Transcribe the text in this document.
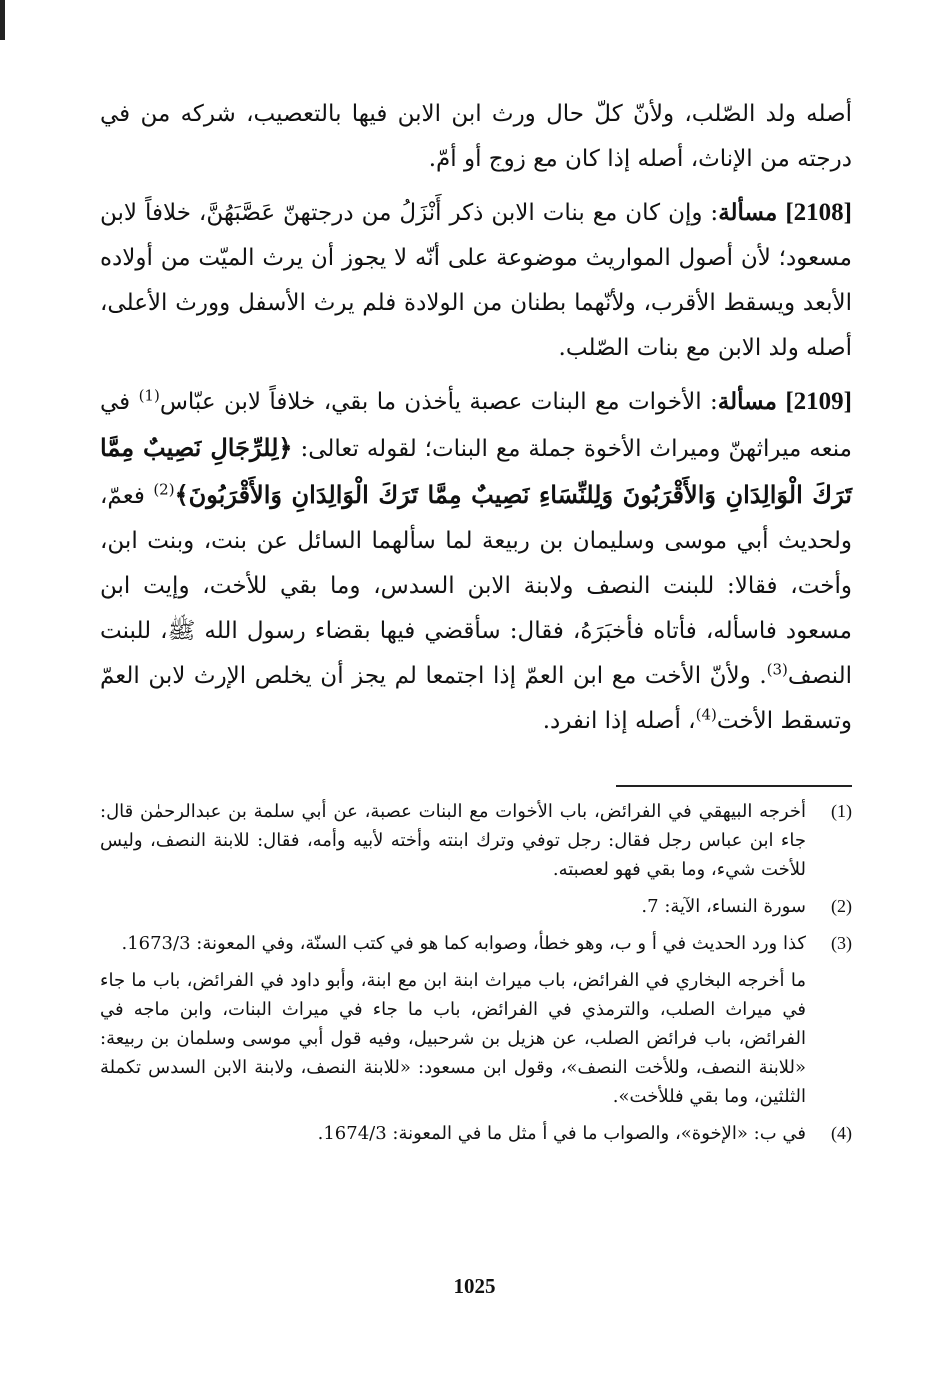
أصله ولد الصّلب، ولأنّ كلّ حال ورث ابن الابن فيها بالتعصيب، شركه من في درجته من الإناث، أصله إذا كان مع زوج أو أمّ.

[2108] مسألة: وإن كان مع بنات الابن ذكر أَنْزَلُ من درجتهنّ عَصَّبَهُنَّ، خلافاً لابن مسعود؛ لأن أصول المواريث موضوعة على أنّه لا يجوز أن يرث الميّت من أولاده الأبعد ويسقط الأقرب، ولأنّهما بطنان من الولادة فلم يرث الأسفل وورث الأعلى، أصله ولد الابن مع بنات الصّلب.

[2109] مسألة: الأخوات مع البنات عصبة يأخذن ما بقي، خلافاً لابن عبّاس$^{(1)}$ في منعه ميراثهنّ وميراث الأخوة جملة مع البنات؛ لقوله تعالى: ﴿لِلرِّجَالِ نَصِيبٌ مِمَّا تَرَكَ الْوَالِدَانِ وَالأَقْرَبُونَ وَلِلنِّسَاءِ نَصِيبٌ مِمَّا تَرَكَ الْوَالِدَانِ وَالأَقْرَبُونَ﴾$^{(2)}$ فعمّ، ولحديث أبي موسى وسليمان بن ربيعة لما سألهما السائل عن بنت، وبنت ابن، وأخت، فقالا: للبنت النصف ولابنة الابن السدس، وما بقي للأخت، وإيت ابن مسعود فاسأله، فأتاه فأخبَرَهُ، فقال: سأقضي فيها بقضاء رسول الله ﷺ، للبنت النصف$^{(3)}$. ولأنّ الأخت مع ابن العمّ إذا اجتمعا لم يجز أن يخلص الإرث لابن العمّ وتسقط الأخت$^{(4)}$، أصله إذا انفرد.

(1)
أخرجه البيهقي في الفرائض، باب الأخوات مع البنات عصبة، عن أبي سلمة بن عبدالرحمٰن قال: جاء ابن عباس رجل فقال: رجل توفي وترك ابنته وأخته لأبيه وأمه، فقال: للابنة النصف، وليس للأخت شيء، وما بقي فهو لعصبته.
(2)
سورة النساء، الآية: 7.
(3)
كذا ورد الحديث في أ و ب، وهو خطأ، وصوابه كما هو في كتب السنّة، وفي المعونة: 1673/3.
ما أخرجه البخاري في الفرائض، باب ميراث ابنة ابن مع ابنة، وأبو داود في الفرائض، باب ما جاء في ميراث الصلب، والترمذي في الفرائض، باب ما جاء في ميراث البنات، وابن ماجه في الفرائض، باب فرائض الصلب، عن هزيل بن شرحبيل، وفيه قول أبي موسى وسلمان بن ربيعة: «للابنة النصف، وللأخت النصف»، وقول ابن مسعود: «للابنة النصف، ولابنة الابن السدس تكملة الثلثين، وما بقي فللأخت».
(4)
في ب: «الإخوة»، والصواب ما في أ مثل ما في المعونة: 1674/3.
1025
